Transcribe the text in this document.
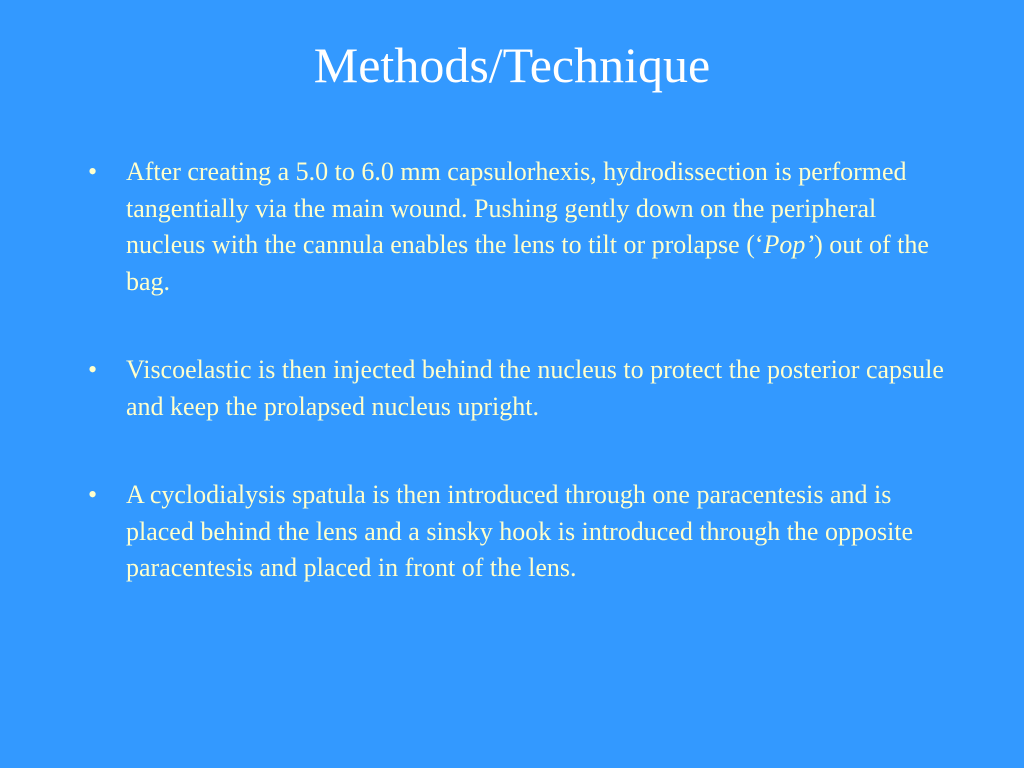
Methods/Technique
• After creating a 5.0 to 6.0 mm capsulorhexis, hydrodissection is performed tangentially via the main wound. Pushing gently down on the peripheral nucleus with the cannula enables the lens to tilt or prolapse (‘Pop’) out of the bag.
• Viscoelastic is then injected behind the nucleus to protect the posterior capsule and keep the prolapsed nucleus upright.
• A cyclodialysis spatula is then introduced through one paracentesis and is placed behind the lens and a sinsky hook is introduced through the opposite paracentesis and placed in front of the lens.
